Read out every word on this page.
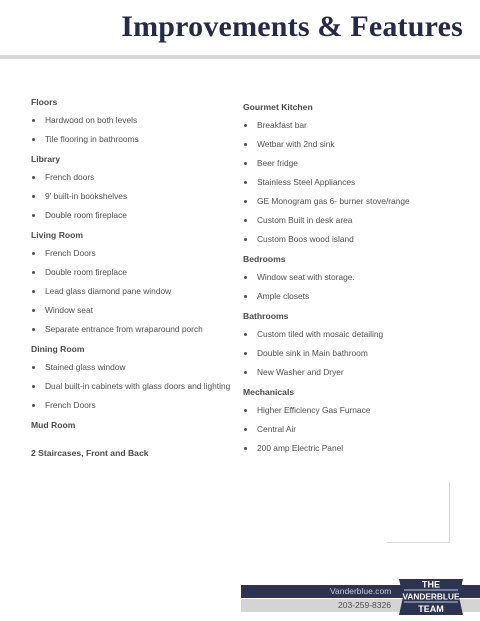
Improvements & Features
Floors
Hardwood on both levels
Tile flooring in bathrooms
Library
French doors
9' built-in bookshelves
Double room fireplace
Living Room
French Doors
Double room fireplace
Lead glass diamond pane window
Window seat
Separate entrance from wraparound porch
Dining Room
Stained glass window
Dual built-in cabinets with glass doors and lighting
French Doors
Mud Room
2 Staircases, Front and Back
Gourmet Kitchen
Breakfast bar
Wetbar with 2nd sink
Beer fridge
Stainless Steel Appliances
GE Monogram gas 6- burner stove/range
Custom Built in desk area
Custom Boos wood island
Bedrooms
Window seat with storage.
Ample closets
Bathrooms
Custom tiled with mosaic detailing
Double sink in Main bathroom
New Washer and Dryer
Mechanicals
Higher Efficiency Gas Furnace
Central Air
200 amp Electric Panel
Vanderblue.com
203-259-8326
THE
VANDERBLUE
TEAM
